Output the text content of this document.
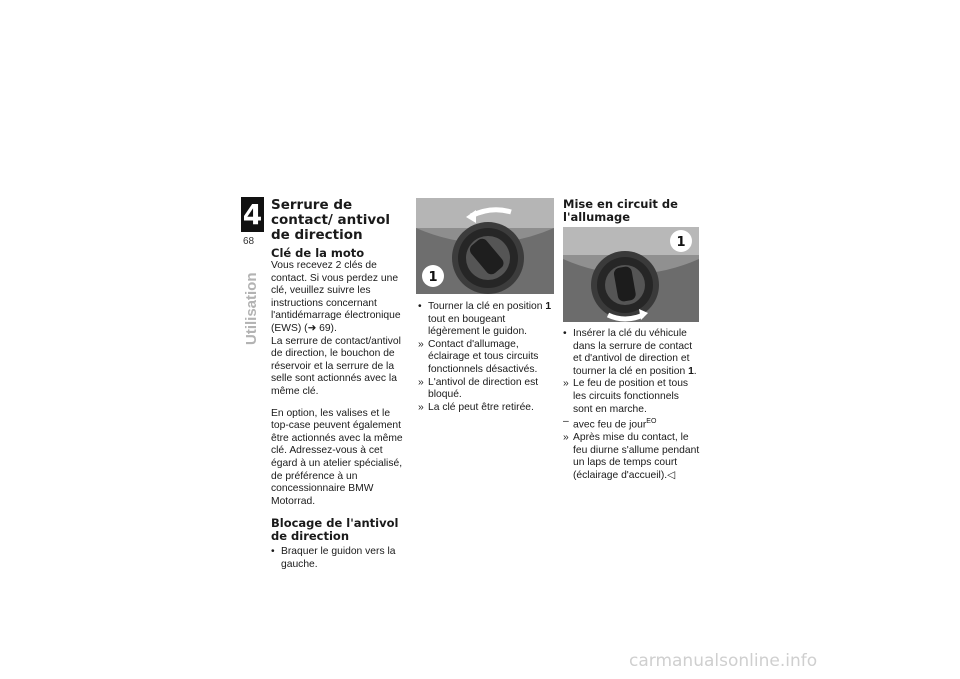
4
68
Utilisation
Serrure de contact/ antivol de direction
Clé de la moto

Vous recevez 2 clés de contact. Si vous perdez une clé, veuillez suivre les instructions concernant l'antidémarrage électronique (EWS) (➜ 69).

La serrure de contact/antivol de direction, le bouchon de réservoir et la serrure de la selle sont actionnés avec la même clé.

En option, les valises et le top-case peuvent également être actionnés avec la même clé. Adressez-vous à cet égard à un atelier spécialisé, de préférence à un concessionnaire BMW Motorrad.

Blocage de l'antivol de direction
• Braquer le guidon vers la gauche.
1
• Tourner la clé en position 1 tout en bougeant légèrement le guidon.
» Contact d'allumage, éclairage et tous circuits fonctionnels désactivés.
» L'antivol de direction est bloqué.
» La clé peut être retirée.
Mise en circuit de l'allumage
1
• Insérer la clé du véhicule dans la serrure de contact et d'antivol de direction et tourner la clé en position 1.
» Le feu de position et tous les circuits fonctionnels sont en marche.
– avec feu de jour$^{EO}$
» Après mise du contact, le feu diurne s'allume pendant un laps de temps court (éclairage d'accueil).◁
carmanualsonline.info
